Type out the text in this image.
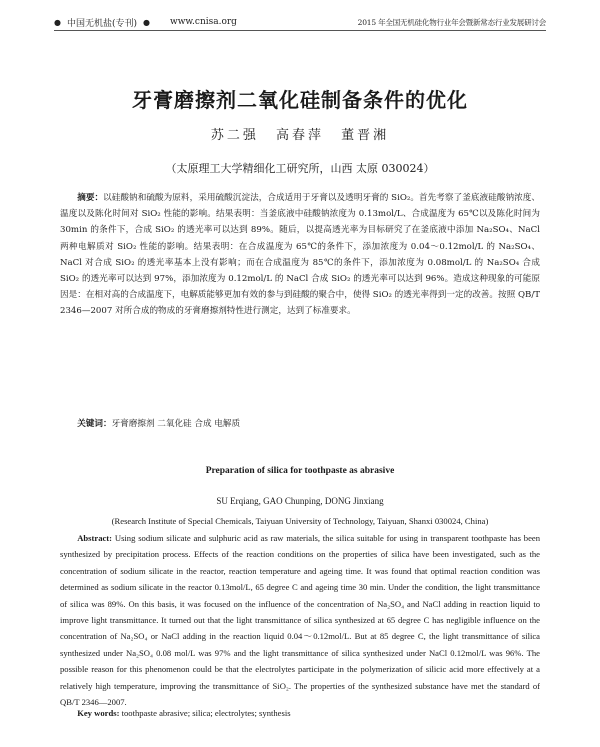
● 中国无机盐(专刊) ● www.cnisa.org	2015 年全国无机硅化物行业年会暨新常态行业发展研讨会
牙膏磨擦剂二氧化硅制备条件的优化
苏二强 高春萍 董晋湘
（太原理工大学精细化工研究所，山西 太原 030024）
摘要：以硅酸钠和硫酸为原料，采用硫酸沉淀法，合成适用于牙膏以及透明牙膏的 SiO₂。首先考察了釜底液硅酸钠浓度、温度以及陈化时间对 SiO₂ 性能的影响。结果表明：当釜底液中硅酸钠浓度为 0.13mol/L、合成温度为 65℃以及陈化时间为 30min 的条件下，合成 SiO₂ 的透光率可以达到 89%。随后，以提高透光率为目标研究了在釜底液中添加 Na₂SO₄、NaCl 两种电解质对 SiO₂ 性能的影响。结果表明：在合成温度为 65℃的条件下，添加浓度为 0.04～0.12mol/L 的 Na₂SO₄、NaCl 对合成 SiO₂ 的透光率基本上没有影响；而在合成温度为 85℃的条件下，添加浓度为 0.08mol/L 的 Na₂SO₄ 合成 SiO₂ 的透光率可以达到 97%，添加浓度为 0.12mol/L 的 NaCl 合成 SiO₂ 的透光率可以达到 96%。造成这种现象的可能原因是：在相对高的合成温度下，电解质能够更加有效的参与到硅酸的聚合中，使得 SiO₂ 的透光率得到一定的改善。按照 QB/T 2346—2007 对所合成的物成的牙膏磨擦剂特性进行测定，达到了标准要求。
关键词：牙膏磨擦剂 二氧化硅 合成 电解质
Preparation of silica for toothpaste as abrasive
SU Erqiang, GAO Chunping, DONG Jinxiang
(Research Institute of Special Chemicals, Taiyuan University of Technology, Taiyuan, Shanxi 030024, China)
Abstract: Using sodium silicate and sulphuric acid as raw materials, the silica suitable for using in transparent toothpaste has been synthesized by precipitation process. Effects of the reaction conditions on the properties of silica have been investigated, such as the concentration of sodium silicate in the reactor, reaction temperature and ageing time. It was found that optimal reaction condition was determined as sodium silicate in the reactor 0.13mol/L, 65 degree C and ageing time 30 min. Under the condition, the light transmittance of silica was 89%. On this basis, it was focused on the influence of the concentration of Na₂SO₄ and NaCl adding in reaction liquid to improve light transmittance. It turned out that the light transmittance of silica synthesized at 65 degree C has negligible influence on the concentration of Na₂SO₄ or NaCl adding in the reaction liquid 0.04～0.12mol/L. But at 85 degree C, the light transmittance of silica synthesized under Na₂SO₄ 0.08 mol/L was 97% and the light transmittance of silica synthesized under NaCl 0.12mol/L was 96%. The possible reason for this phenomenon could be that the electrolytes participate in the polymerization of silicic acid more effectively at a relatively high temperature, improving the transmittance of SiO₂. The properties of the synthesized substance have met the standard of QB/T 2346—2007.
Key words: toothpaste abrasive; silica; electrolytes; synthesis
